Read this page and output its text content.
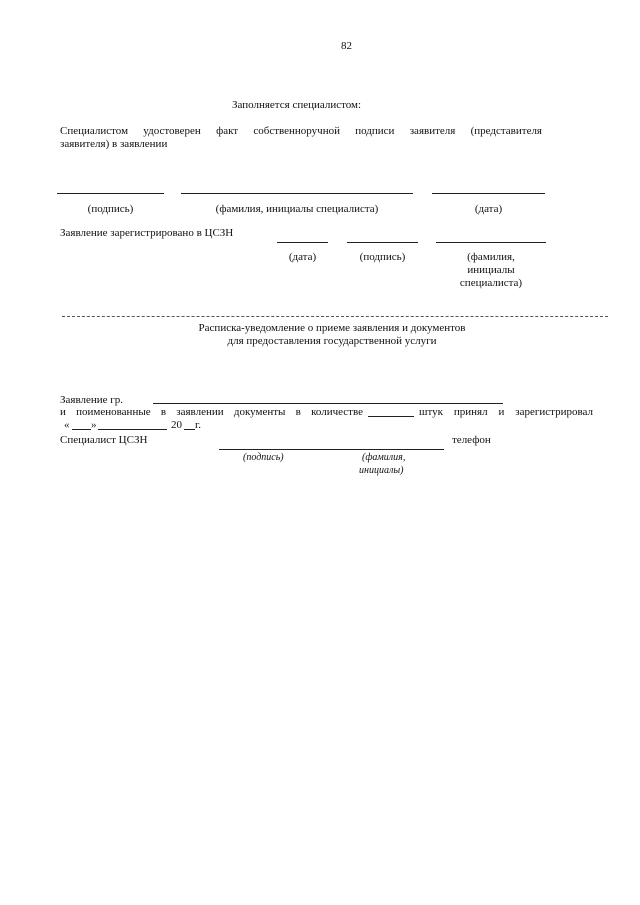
82
Заполняется специалистом:
Специалистом удостоверен факт собственноручной подписи заявителя (представителя
заявителя) в заявлении
(подпись)	(фамилия, инициалы специалиста)	(дата)
Заявление зарегистрировано в ЦСЗН
(дата)	(подпись)	(фамилия,
инициалы
специалиста)
Расписка-уведомление о приеме заявления и документов
для предоставления государственной услуги
Заявление гр.
и поименованные в заявлении документы в количестве	штук принял и зарегистрировал
« »	20 г.
Специалист ЦСЗН	телефон
(подпись)	(фамилия,
инициалы)
